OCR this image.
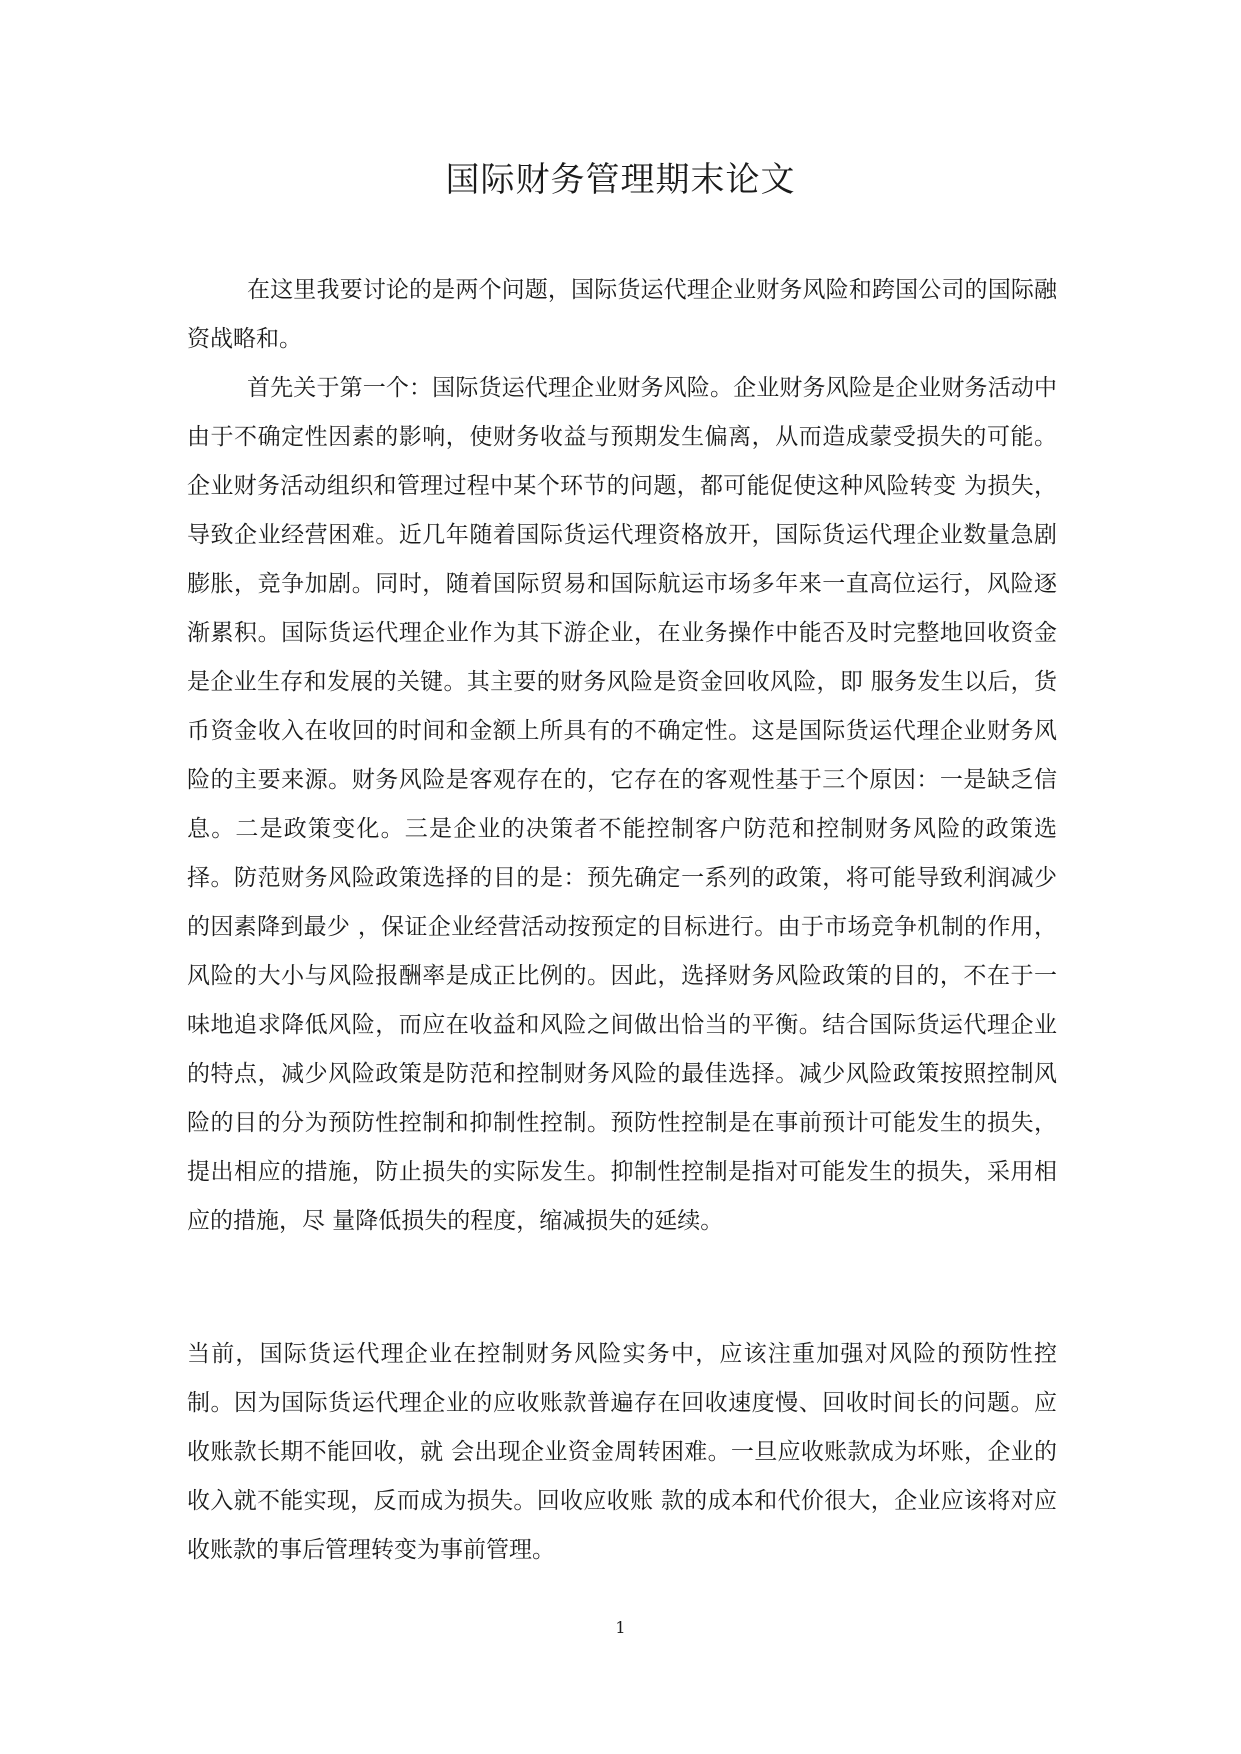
国际财务管理期末论文

在这里我要讨论的是两个问题，国际货运代理企业财务风险和跨国公司的国际融资战略和。

首先关于第一个：国际货运代理企业财务风险。企业财务风险是企业财务活动中由于不确定性因素的影响，使财务收益与预期发生偏离，从而造成蒙受损失的可能。企业财务活动组织和管理过程中某个环节的问题，都可能促使这种风险转变 为损失，导致企业经营困难。近几年随着国际货运代理资格放开，国际货运代理企业数量急剧膨胀，竞争加剧。同时，随着国际贸易和国际航运市场多年来一直高位运行，风险逐渐累积。国际货运代理企业作为其下游企业，在业务操作中能否及时完整地回收资金是企业生存和发展的关键。其主要的财务风险是资金回收风险，即 服务发生以后，货币资金收入在收回的时间和金额上所具有的不确定性。这是国际货运代理企业财务风险的主要来源。财务风险是客观存在的，它存在的客观性基于三个原因：一是缺乏信息。二是政策变化。三是企业的决策者不能控制客户防范和控制财务风险的政策选择。防范财务风险政策选择的目的是：预先确定一系列的政策，将可能导致利润减少的因素降到最少 ，保证企业经营活动按预定的目标进行。由于市场竞争机制的作用，风险的大小与风险报酬率是成正比例的。因此，选择财务风险政策的目的，不在于一味地追求降低风险，而应在收益和风险之间做出恰当的平衡。结合国际货运代理企业的特点，减少风险政策是防范和控制财务风险的最佳选择。减少风险政策按照控制风险的目的分为预防性控制和抑制性控制。预防性控制是在事前预计可能发生的损失，提出相应的措施，防止损失的实际发生。抑制性控制是指对可能发生的损失，采用相应的措施，尽 量降低损失的程度，缩减损失的延续。

当前，国际货运代理企业在控制财务风险实务中，应该注重加强对风险的预防性控制。因为国际货运代理企业的应收账款普遍存在回收速度慢、回收时间长的问题。应收账款长期不能回收，就 会出现企业资金周转困难。一旦应收账款成为坏账，企业的收入就不能实现，反而成为损失。回收应收账 款的成本和代价很大，企业应该将对应收账款的事后管理转变为事前管理。

1
